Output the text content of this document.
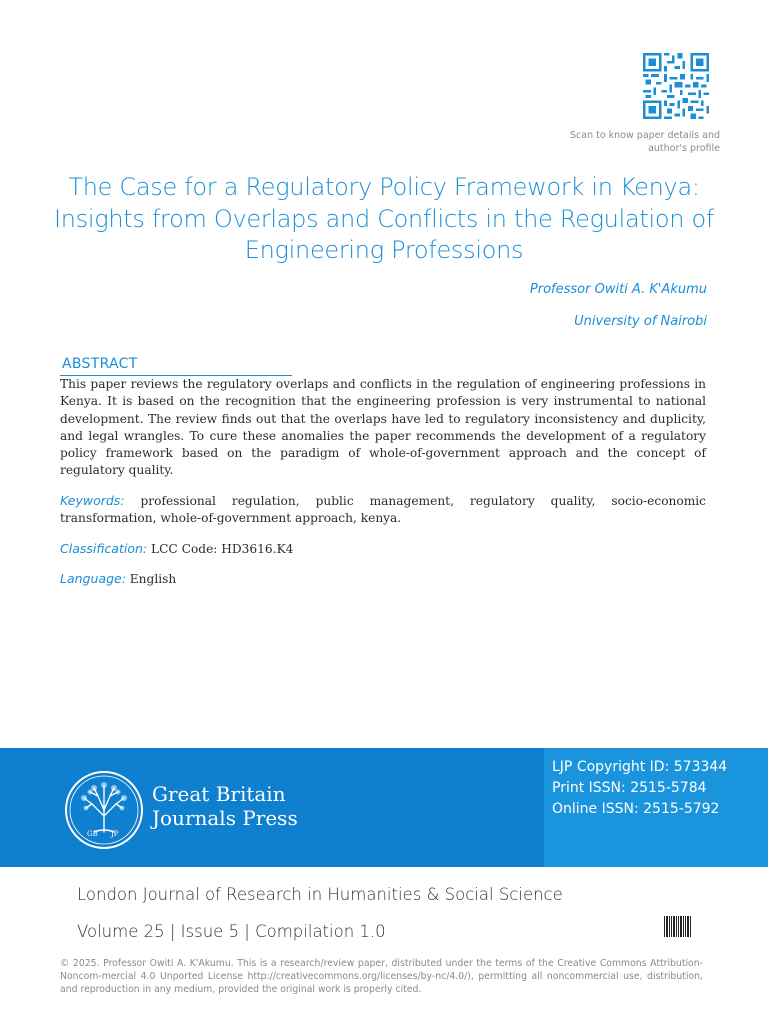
Scan to know paper details and
author's profile
The Case for a Regulatory Policy Framework in Kenya: Insights from Overlaps and Conflicts in the Regulation of Engineering Professions
Professor Owiti A. K'Akumu
University of Nairobi
ABSTRACT
This paper reviews the regulatory overlaps and conflicts in the regulation of engineering professions in Kenya. It is based on the recognition that the engineering profession is very instrumental to national development. The review finds out that the overlaps have led to regulatory inconsistency and duplicity, and legal wrangles. To cure these anomalies the paper recommends the development of a regulatory policy framework based on the paradigm of whole-of-government approach and the concept of regulatory quality.
Keywords: professional regulation, public management, regulatory quality, socio-economic transformation, whole-of-government approach, kenya.
Classification: LCC Code: HD3616.K4
Language: English
GB JP
Great Britain
Journals Press
LJP Copyright ID: 573344
Print ISSN: 2515-5784
Online ISSN: 2515-5792
London Journal of Research in Humanities & Social Science
Volume 25 | Issue 5 | Compilation 1.0
© 2025. Professor Owiti A. K'Akumu. This is a research/review paper, distributed under the terms of the Creative Commons Attribution-Noncom-mercial 4.0 Unported License http://creativecommons.org/licenses/by-nc/4.0/), permitting all noncommercial use, distribution, and reproduction in any medium, provided the original work is properly cited.
